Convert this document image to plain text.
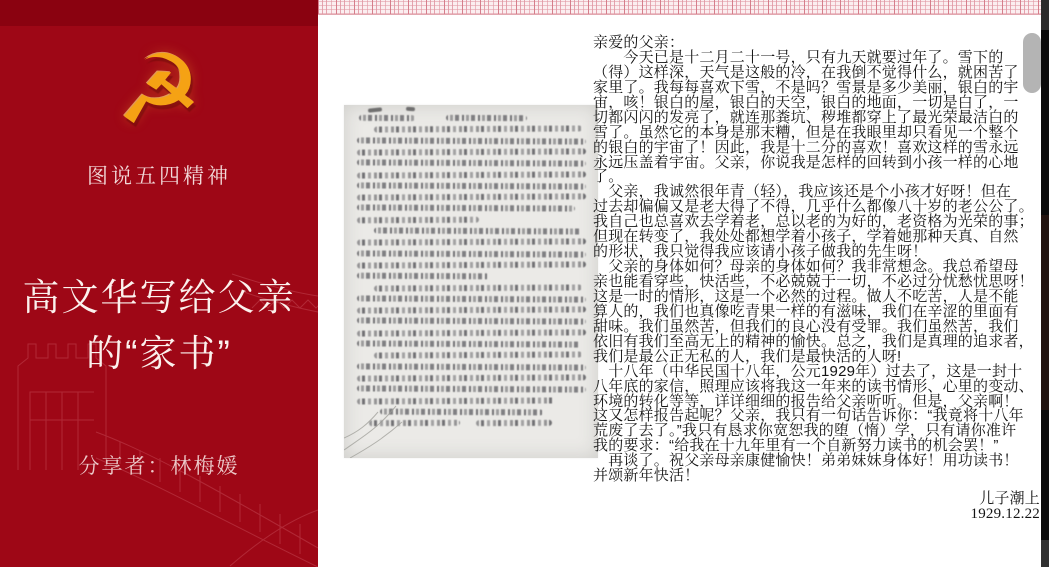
☭
图说五四精神
高文华写给父亲
的“家书”
分享者：林梅媛
亲爱的父亲：
　　今天已是十二月二十一号，只有九天就要过年了。雪下的
（得）这样深，天气是这般的冷，在我倒不觉得什么，就困苦了
家里了。我每每喜欢下雪，不是吗？雪景是多少美丽，银白的宇
宙，咳！银白的屋，银白的天空，银白的地面，一切是白了，一
切都闪闪的发亮了，就连那粪坑、秽堆都穿上了最光荣最洁白的
雪了。虽然它的本身是那末糟，但是在我眼里却只看见一个整个
的银白的宇宙了！因此，我是十二分的喜欢！喜欢这样的雪永远
永远压盖着宇宙。父亲，你说我是怎样的回转到小孩一样的心地
了。
　父亲，我诚然很年青（轻），我应该还是个小孩才好呀！但在
过去却偏偏又是老大得了不得，几乎什么都像八十岁的老公公了。
我自己也总喜欢去学着老，总以老的为好的，老资格为光荣的事；
但现在转变了，我处处都想学着小孩子，学着她那种天真、自然
的形状，我只觉得我应该请小孩子做我的先生呀！
　父亲的身体如何？母亲的身体如何？我非常想念。我总希望母
亲也能看穿些，快活些，不必兢兢于一切，不必过分忧愁忧思呀！
这是一时的情形，这是一个必然的过程。做人不吃苦，人是不能
算人的，我们也真像吃青果一样的有滋味，我们在辛涩的里面有
甜味。我们虽然苦，但我们的良心没有受罪。我们虽然苦，我们
依旧有我们至高无上的精神的愉快。总之，我们是真理的追求者，
我们是最公正无私的人，我们是最快活的人呀!
　十八年（中华民国十八年，公元1929年）过去了，这是一封十
八年底的家信，照理应该将我这一年来的读书情形、心里的变动、
环境的转化等等，详详细细的报告给父亲听听。但是，父亲啊！
这又怎样报告起呢？父亲，我只有一句话告诉你：“我竟将十八年
荒废了去了。”我只有恳求你宽恕我的堕（惰）学，只有请你准许
我的要求：“给我在十九年里有一个自新努力读书的机会罢！”
　再谈了。祝父亲母亲康健愉快！弟弟妹妹身体好！用功读书！
并颂新年快活！
儿子潮上
1929.12.22
